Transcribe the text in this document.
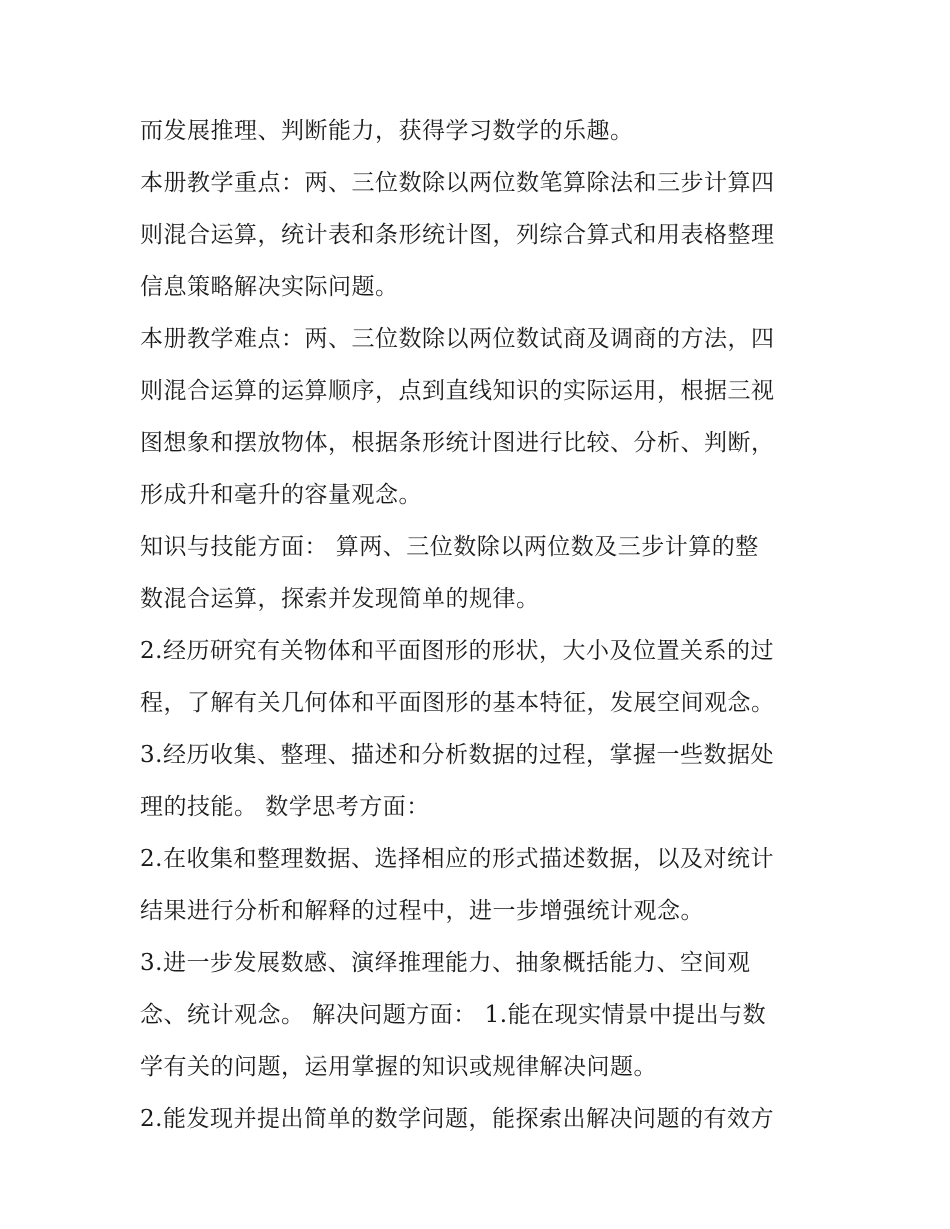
而发展推理、判断能力，获得学习数学的乐趣。
本册教学重点：两、三位数除以两位数笔算除法和三步计算四
则混合运算，统计表和条形统计图，列综合算式和用表格整理
信息策略解决实际问题。
本册教学难点：两、三位数除以两位数试商及调商的方法，四
则混合运算的运算顺序，点到直线知识的实际运用，根据三视
图想象和摆放物体，根据条形统计图进行比较、分析、判断，
形成升和毫升的容量观念。
知识与技能方面： 算两、三位数除以两位数及三步计算的整
数混合运算，探索并发现简单的规律。
2.经历研究有关物体和平面图形的形状，大小及位置关系的过
程，了解有关几何体和平面图形的基本特征，发展空间观念。
3.经历收集、整理、描述和分析数据的过程，掌握一些数据处
理的技能。 数学思考方面：
2.在收集和整理数据、选择相应的形式描述数据，以及对统计
结果进行分析和解释的过程中，进一步增强统计观念。
3.进一步发展数感、演绎推理能力、抽象概括能力、空间观
念、统计观念。 解决问题方面： 1.能在现实情景中提出与数
学有关的问题，运用掌握的知识或规律解决问题。
2.能发现并提出简单的数学问题，能探索出解决问题的有效方
